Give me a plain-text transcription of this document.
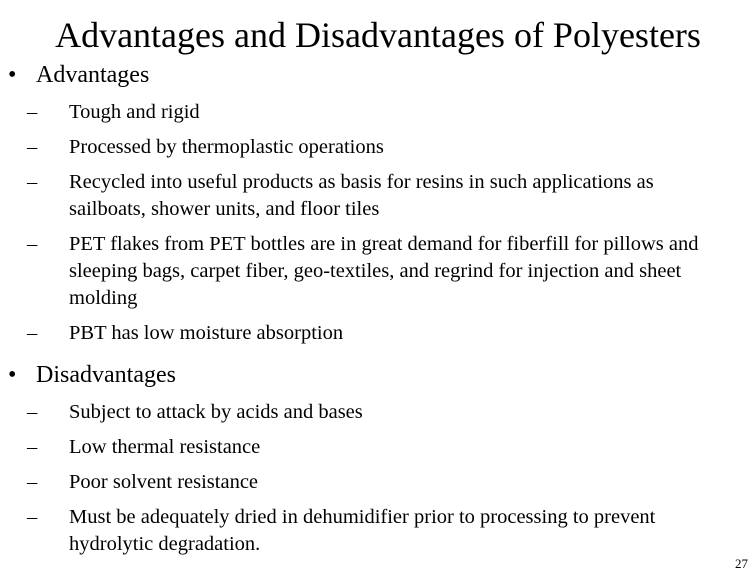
Advantages and Disadvantages of Polyesters
• Advantages
–	Tough and rigid
–	Processed by thermoplastic operations
–	Recycled into useful products as basis for resins in such applications as sailboats, shower units, and floor tiles
–	PET flakes from PET bottles are in great demand for fiberfill for pillows and sleeping bags, carpet fiber, geo-textiles, and regrind for injection and sheet molding
–	PBT has low moisture absorption
• Disadvantages
–	Subject to attack by acids and bases
–	Low thermal resistance
–	Poor solvent resistance
–	Must be adequately dried in dehumidifier prior to processing to prevent hydrolytic degradation.
27
